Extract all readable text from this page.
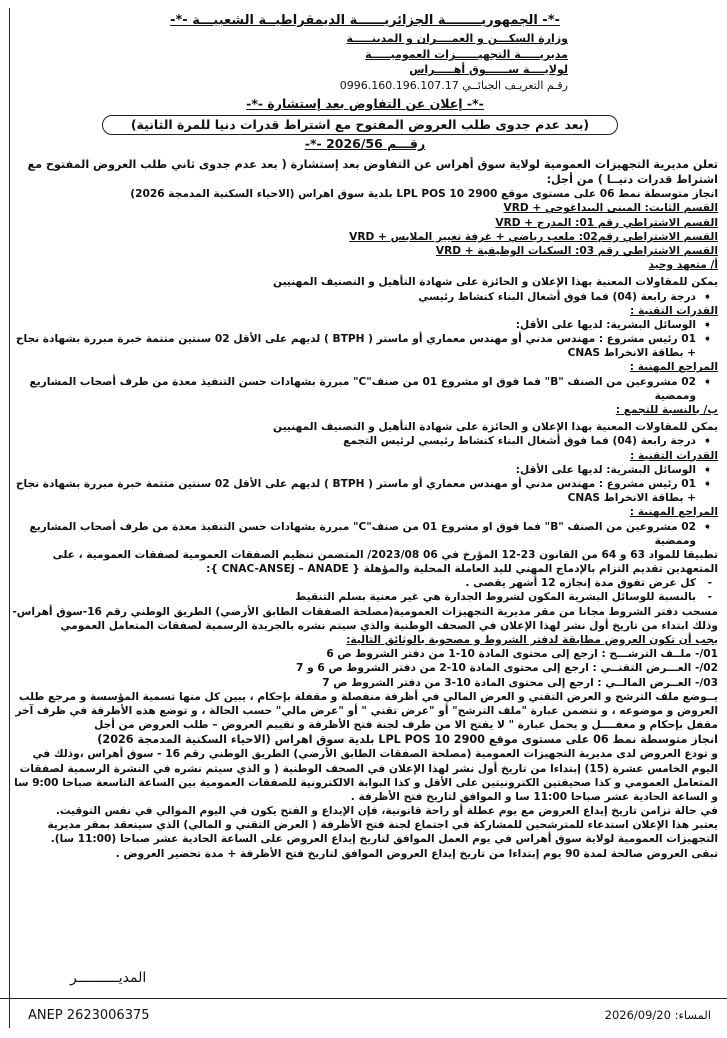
-*- الجمهوريــــــــة الجزائريــــــة الديمقراطيــة الشعبيـــة -*-
وزارة السكـــن و العمــــران و المدينـــــة
مديريـــــة التجهيــــــزات العموميـــــة
لولايــــة ســــــوق أهـــــراس
رقـم التعريـف الجبائــي 0996.160.196.107.17
-*- إعلان عن التفاوض بعد إستشارة -*-
(بعد عدم جدوى طلب العروض المفتوح مع اشتراط قدرات دنيا للمرة الثانية)
رقـــم 2026/56 -*-

تعلن مديرية التجهيزات العمومية لولاية سوق أهراس عن التفاوض بعد إستشارة ( بعد عدم جدوى ثاني طلب العروض المفتوح مع اشتراط قدرات دنيــا ) من أجل:

انجاز متوسطة نمط 06 على مستوى موقع LPL POS 10 2900 بلدية سوق اهراس (الاحياء السكنية المدمجة 2026)

القسم الثابت: المبنى البيداغوجي + VRD

القسم الاشتراطي رقم 01: المدرج + VRD

القسم الاشتراطي رقم02: ملعب رياضي + غرفة تغيير الملابس + VRD

القسم الاشتراطي رقم 03: السكنات الوظيفية + VRD

أ/ متعهد وحيد

يمكن للمقاولات المعنية بهذا الإعلان و الحائزة على شهادة التأهيل و التصنيف المهنيين

➧
درجة رابعة (04) فما فوق أشغال البناء كنشاط رئيسي

القدرات التقنية :

➧
الوسائل البشرية: لديها على الأقل:

➧
01 رئيس مشروع : مهندس مدني أو مهندس معماري أو ماستر ( BTPH ) لديهم على الأقل 02 سنتين متتمة خبرة مبررة بشهادة نجاح + بطاقة الانخراط CNAS

المراجع المهنية :

➧
02 مشروعين من الصنف "B" فما فوق او مشروع 01 من صنف"C" مبررة بشهادات حسن التنفيذ معدة من طرف أصحاب المشاريع وممضية

ب/ بالنسبة للتجمع :

يمكن للمقاولات المعنية بهذا الإعلان و الحائزة على شهادة التأهيل و التصنيف المهنيين

➧
درجة رابعة (04) فما فوق أشغال البناء كنشاط رئيسي لرئيس التجمع

القدرات التقنية :

➧
الوسائل البشرية: لديها على الأقل:

➧
01 رئيس مشروع : مهندس مدني أو مهندس معماري أو ماستر ( BTPH ) لديهم على الأقل 02 سنتين متتمة خبرة مبررة بشهادة نجاح + بطاقة الانخراط CNAS

المراجع المهنية :

➧
02 مشروعين من الصنف "B" فما فوق او مشروع 01 من صنف"C" مبررة بشهادات حسن التنفيذ معدة من طرف أصحاب المشاريع وممضية

تطبيقا للمواد 63 و 64 من القانون 23-12 المؤرخ في 06 2023/08/ المتضمن تنظيم الصفقات العمومية لصفقات العمومية ، على المتعهدين تقديم التزام بالإدماج المهني لليد العاملة المحلية والمؤهلة { CNAC-ANSEJ – ANADE }:

-
كل عرض تفوق مدة إنجازه 12 أشهر يقصى .

-
بالنسبة للوسائل البشرية المكون لشروط الجدارة هي غير معنية بسلم التنقيط

مسحب دفتر الشروط مجانا من مقر مديرية التجهيزات العمومية(مصلحة الصفقات الطابق الأرضي) الطريق الوطني رقم 16-سوق أهراس-وذلك ابتداء من تاريخ أول نشر لهذا الإعلان في الصحف الوطنية والذي سيتم نشره بالجريدة الرسمية لصفقات المتعامل العمومي

يجب أن تكون العروض مطابقة لدفتر الشروط و مصحوبة بالوثائق التالية:

01/- ملــف الترشـــح : ارجع إلى محتوى المادة 10-1 من دفتر الشروط ص 6

02/- العـــرض التقنــي : ارجع إلى محتوى المادة 10-2 من دفتر الشروط ص 6 و 7

03/- العــرض المالــي : ارجع إلى محتوى المادة 10-3 من دفتر الشروط ص 7

يــوضع ملف الترشح و العرض التقني و العرض المالي في أظرفة منفصلة و مقفلة بإحكام ، يبين كل منها تسمية المؤسسة و مرجع طلب العروض و موضوعه ، و تتضمن عبارة "ملف الترشح" أو "عرض تقني " أو "عرض مالي" حسب الحالة ، و توضع هذه الأظرفة في ظرف آخر مقفل بإحكام و مغفــــل و يحمل عبارة " لا يفتح الا من طرف لجنة فتح الأظرفة و تقييم العروض – طلب العروض من أجل

انجاز متوسطة نمط 06 على مستوى موقع LPL POS 10 2900 بلدية سوق اهراس (الاحياء السكنية المدمجة 2026)

و تودع العروض لدى مديرية التجهيزات العمومية (مصلحة الصفقات الطابق الأرضي) الطريق الوطني رقم 16 - سوق أهراس ،وذلك في اليوم الخامس عشرة (15) إبتداءا من تاريخ أول نشر لهذا الإعلان في الصحف الوطنية ( و الذي سيتم نشره في النشرة الرسمية لصفقات المتعامل العمومي و كذا صحيفتين الكترونيتين على الأقل و كذا البوابة الالكترونية للصفقات العمومية بين الساعة التاسعة صباحا 9:00 سا و الساعة الحادية عشر صباحا 11:00 سا و الموافق لتاريخ فتح الأظرفة .

في حالة تزامن تاريخ إيداع العروض مع يوم عطلة أو راحة قانونية، فإن الإيداع و الفتح يكون في اليوم الموالي في نفس التوقيت.

يعتبر هذا الإعلان استدعاء للمترشحين للمشاركة في اجتماع لجنة فتح الأظرفة ( العرض التقني و المالي) الذي سينعقد بمقر مديرية التجهيزات العمومية لولاية سوق أهراس في يوم العمل الموافق لتاريخ إيداع العروض على الساعة الحادية عشر صباحا (11:00 سا).

تبقى العروض صالحة لمدة 90 يوم إبتداءا من تاريخ إيداع العروض الموافق لتاريخ فتح الأظرفة + مدة تحضير العروض .

المديــــــــــر
ANEP 2623006375	المساء: 2026/09/20
